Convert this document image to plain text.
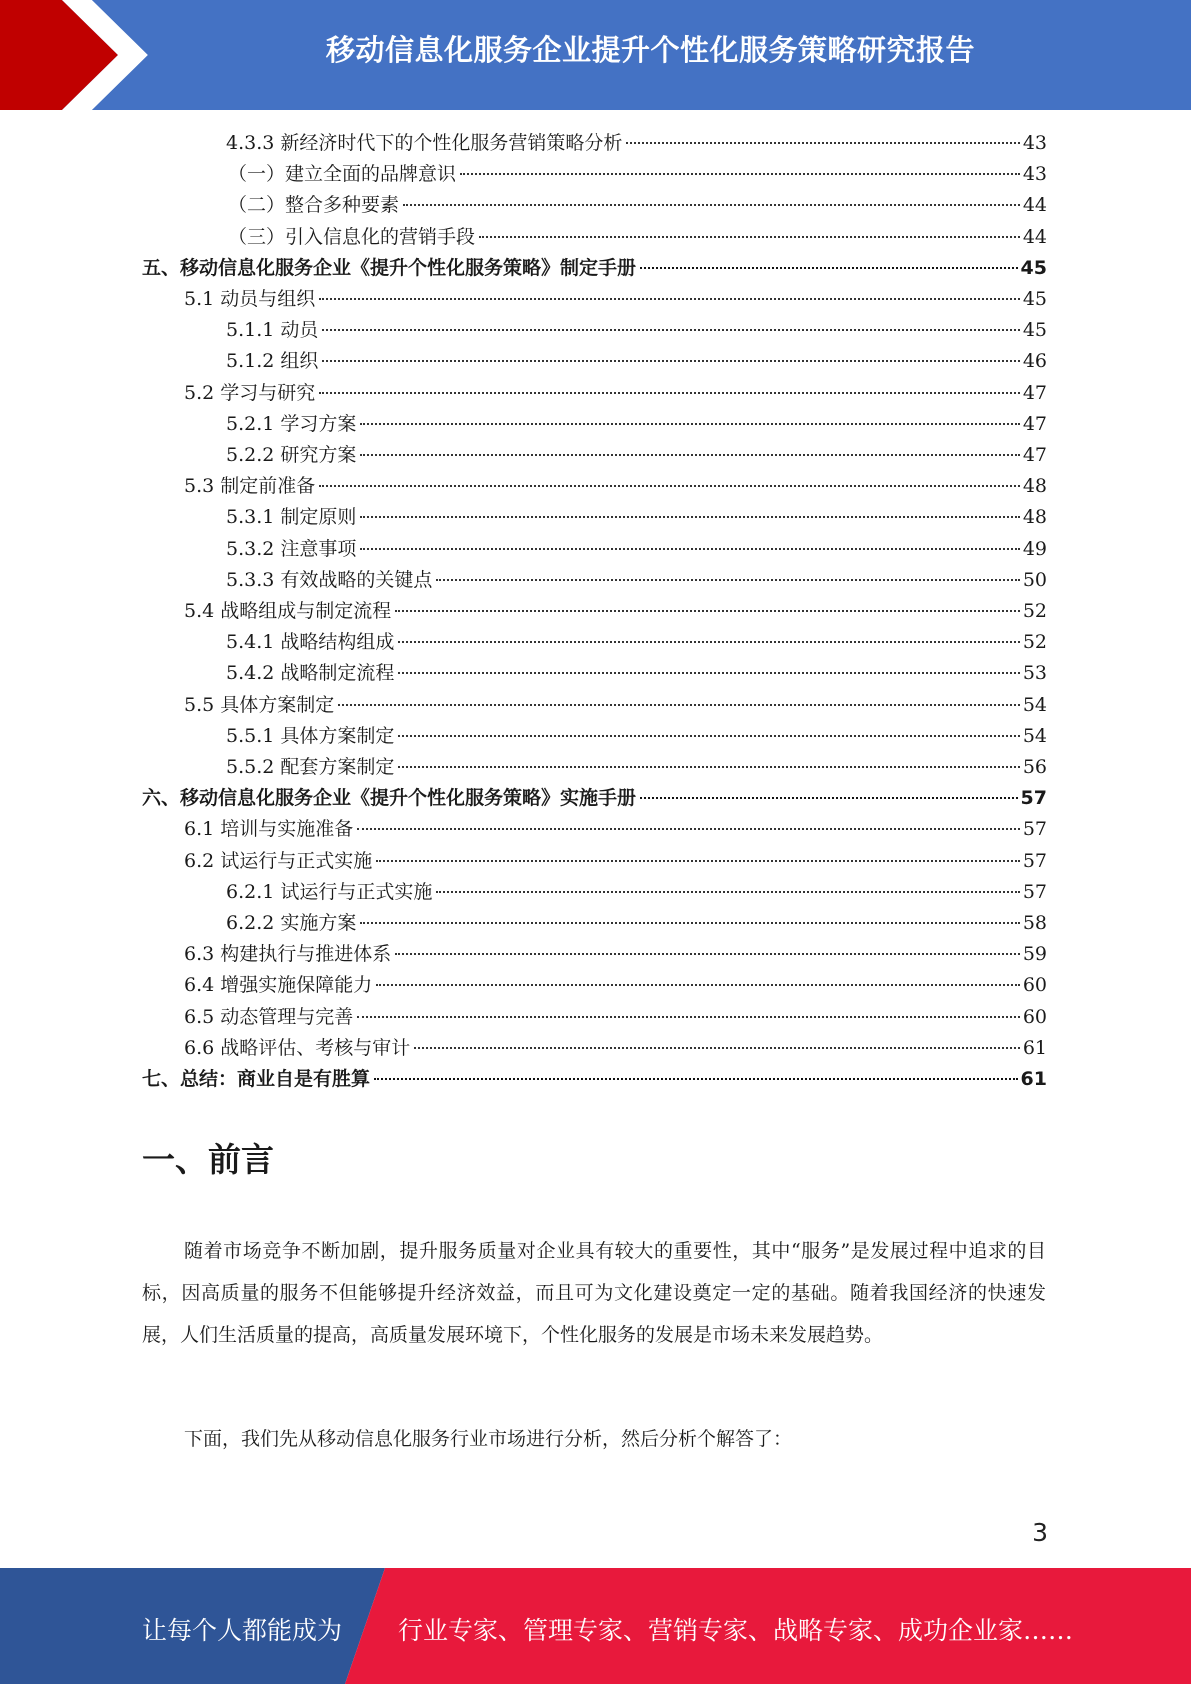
移动信息化服务企业提升个性化服务策略研究报告
4.3.3 新经济时代下的个性化服务营销策略分析	43
（一）建立全面的品牌意识	43
（二）整合多种要素	44
（三）引入信息化的营销手段	44
五、移动信息化服务企业《提升个性化服务策略》制定手册	45
5.1 动员与组织	45
5.1.1 动员	45
5.1.2 组织	46
5.2 学习与研究	47
5.2.1 学习方案	47
5.2.2 研究方案	47
5.3 制定前准备	48
5.3.1 制定原则	48
5.3.2 注意事项	49
5.3.3 有效战略的关键点	50
5.4 战略组成与制定流程	52
5.4.1 战略结构组成	52
5.4.2 战略制定流程	53
5.5 具体方案制定	54
5.5.1 具体方案制定	54
5.5.2 配套方案制定	56
六、移动信息化服务企业《提升个性化服务策略》实施手册	57
6.1 培训与实施准备	57
6.2 试运行与正式实施	57
6.2.1 试运行与正式实施	57
6.2.2 实施方案	58
6.3 构建执行与推进体系	59
6.4 增强实施保障能力	60
6.5 动态管理与完善	60
6.6 战略评估、考核与审计	61
七、总结：商业自是有胜算	61
一、前言
随着市场竞争不断加剧，提升服务质量对企业具有较大的重要性，其中“服务”是发展过程中追求的目标，因高质量的服务不但能够提升经济效益，而且可为文化建设奠定一定的基础。随着我国经济的快速发展，人们生活质量的提高，高质量发展环境下，个性化服务的发展是市场未来发展趋势。
下面，我们先从移动信息化服务行业市场进行分析，然后分析个解答了：
3
让每个人都能成为 行业专家、管理专家、营销专家、战略专家、成功企业家……
